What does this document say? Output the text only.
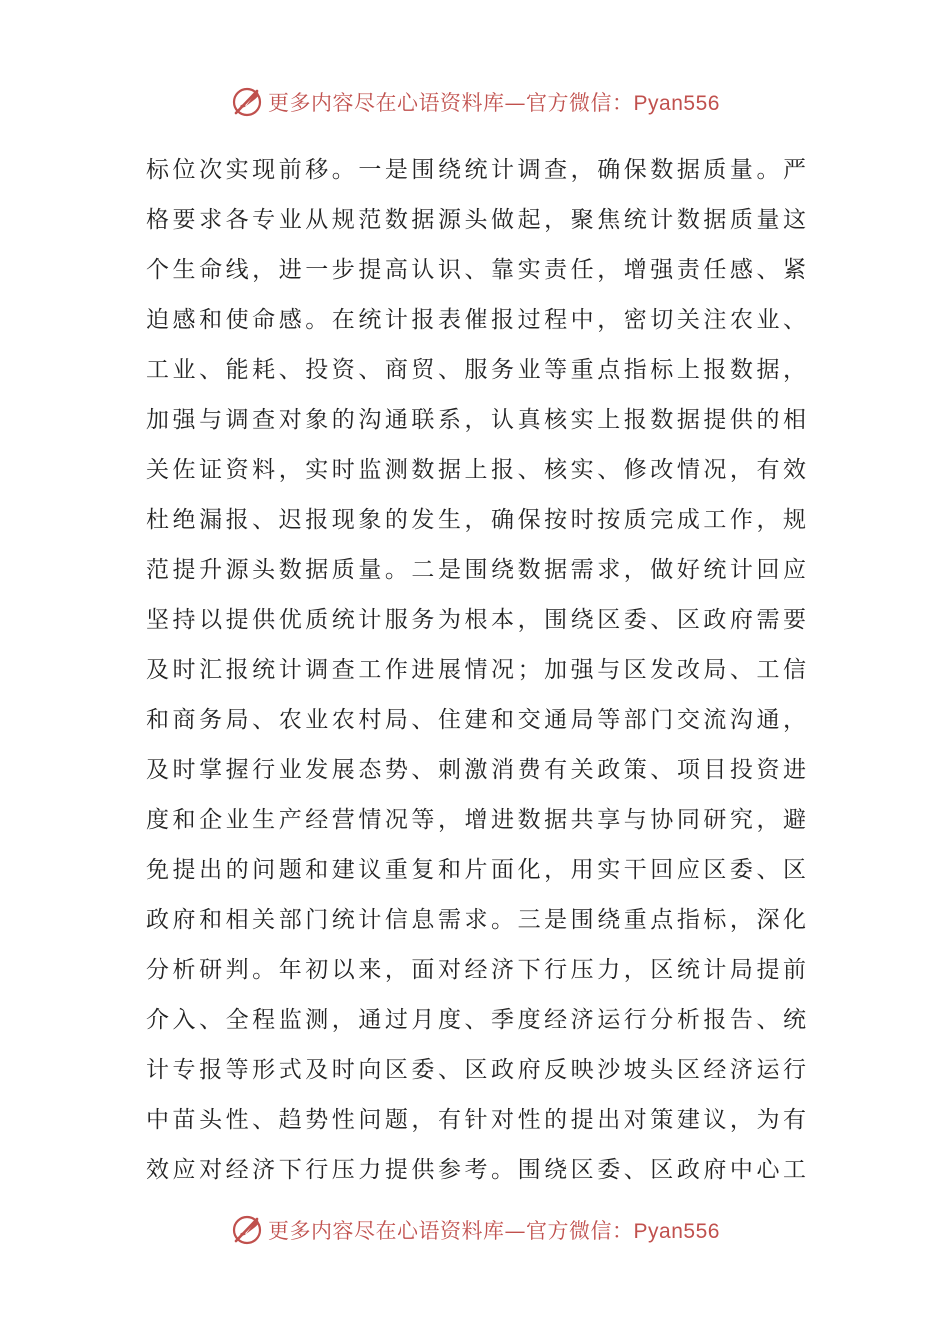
更多内容尽在心语资料库—官方微信：Pyan556
标位次实现前移。一是围绕统计调查，确保数据质量。严
格要求各专业从规范数据源头做起，聚焦统计数据质量这
个生命线，进一步提高认识、靠实责任，增强责任感、紧
迫感和使命感。在统计报表催报过程中，密切关注农业、
工业、能耗、投资、商贸、服务业等重点指标上报数据，
加强与调查对象的沟通联系，认真核实上报数据提供的相
关佐证资料，实时监测数据上报、核实、修改情况，有效
杜绝漏报、迟报现象的发生，确保按时按质完成工作，规
范提升源头数据质量。二是围绕数据需求，做好统计回应
坚持以提供优质统计服务为根本，围绕区委、区政府需要
及时汇报统计调查工作进展情况；加强与区发改局、工信
和商务局、农业农村局、住建和交通局等部门交流沟通，
及时掌握行业发展态势、刺激消费有关政策、项目投资进
度和企业生产经营情况等，增进数据共享与协同研究，避
免提出的问题和建议重复和片面化，用实干回应区委、区
政府和相关部门统计信息需求。三是围绕重点指标，深化
分析研判。年初以来，面对经济下行压力，区统计局提前
介入、全程监测，通过月度、季度经济运行分析报告、统
计专报等形式及时向区委、区政府反映沙坡头区经济运行
中苗头性、趋势性问题，有针对性的提出对策建议，为有
效应对经济下行压力提供参考。围绕区委、区政府中心工
更多内容尽在心语资料库—官方微信：Pyan556
